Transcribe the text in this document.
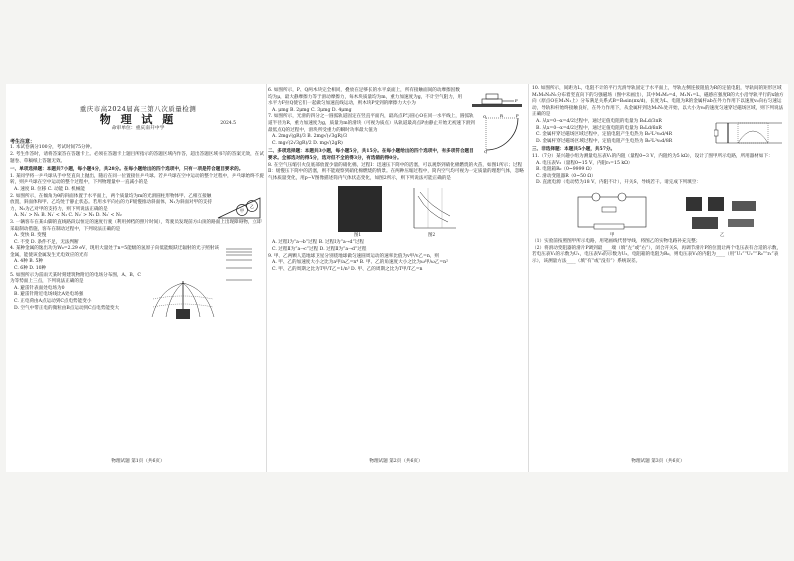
重庆市高2024届高三第八次质量检测
物 理 试 题	2024.5
命审单位：重庆南开中学
考生注意：

1. 本试卷满分100分，考试时间75分钟。

2. 考生作答时，请将答案答在答题卡上。必须在答题卡上题目所指示的答题区域内作答，超出答题区域书写的答案无效，在试题卷、草稿纸上答题无效。

一、单项选择题：本题共7小题，每小题4分，共28分。在每小题给出的四个选项中，只有一项是符合题目要求的。

1. 某同学将一乒乓球从手中竖直向上抛出，随后在同一位置接住乒乓球。若乒乓球在空中运动的整个过程中，乒乓球始终不旋转，则乒乓球在空中运动的整个过程中，下列物理量中一直减小的是

A. 速度 B. 位移 C. 动能 D. 机械能

甲
乙

2. 如图所示，在倾角为θ的斜面体置于水平面上，两个质量均为m的光滑圆柱形物体甲、乙相互接触放置，斜面体和甲、乙均处于静止状态。若用水平向右的力F缓慢推动斜面体，N₁为斜面对甲的支持力，N₂为乙对甲的支持力，则下列说法正确的是

A. N₁′ > N₁ B. N₁′ < N₁ C. N₂′ > N₂ D. N₂′ < N₂

3. 一辆客车在某山脚的直线路段以恒定的速度行驶（利用掉档的照片时间），驾驶员发现前方山顶的路面上出现障碍物，立即采取制动措施，客车在制动过程中，下列说法正确的是

A. 变快 B. 变慢

C. 不变 D. 条件不足，无法判断

4. 某种金属的逸出功为W₀=2.29 eV，现用大量处于n=5能级的氢原子向低能级跃迁辐射的光子照射该金属，能使该金属发生光电效应的光有

A. 4种 B. 5种

C. 6种 D. 10种

5. 如图所示为雷雨天某时刻建筑物附近的电场分布图，A、B、C为等势面上三点，下列说法正确的是

A. 避雷针表面处电场为0

B. 避雷针附近电场线比A处电场强

C. 正电荷由A点运动到C点电势能变小

D. 空气中带正电的微粒由B点运动到C点电势能变大

物理试题 第1页（共6页）
F

6. 如图所示，P、Q两木块完全相同，叠放在足够长的水平桌面上，所有接触面间的动摩擦因数均为μ，最大静摩擦力等于滑动摩擦力，每木块质量均为m，重力加速度为g，不计空气阻力，用水平力F拉Q使它们一起做匀加速直线运动，则木块P受到的摩擦力大小为

A. μmg B. 2μmg C. 3μmg D. 4μmg

O	P
Q
R

7. 如图所示，光滑的四分之一圆弧轨道固定在竖直平面内，最高点P与圆心O在同一水平线上，圆弧轨道半径为R，重力加速度为g，质量为m的滑块（可视为质点）从轨道最高点P由静止开始无初速下滑到最低点Q的过程中，滑块所受重力的瞬时功率最大值为

A. 2mg√(gR)/3 B. 2mg√(√3gR)/3

C. mg√(2√3gR)/2 D. mg√(2gR)

二、多项选择题：本题共3小题，每小题5分，共15分。在每小题给出的四个选项中，有多项符合题目要求。全部选对的得5分，选对但不全的得3分，有选错的得0分。

8. 在空气压缩引火仪底部放置少量的硝化棉，过程Ⅰ：迅速压下筒中的活塞，可以观察到硝化棉燃烧的火苗，如图1所示；过程Ⅱ：缓慢压下筒中的活塞，则不能观察到硝化棉燃烧的情景。在两种压缩过程中，筒内空气均可视为一定质量的理想气体，忽略气体质量变化，用p−V图像描述筒内气体状态变化，如图2所示，则下列说法可能正确的是

图1	图2

A. 过程Ⅰ为“a→b”过程 B. 过程Ⅰ为“a→d”过程

C. 过程Ⅱ为“a→c”过程 D. 过程Ⅱ为“a→d”过程

9. 甲、乙两颗人造地球卫星分别绕地球做匀速圆周运动的速率比值为v甲/v乙=n，则

A. 甲、乙的加速度大小之比为a甲/a乙=n⁴ B. 甲、乙的角速度大小之比为ω甲/ω乙=n²

C. 甲、乙的周期之比为T甲/T乙=1/n³ D. 甲、乙的周期之比为T甲/T乙=n

物理试题 第2页（共6页）

10. 如图所示，间距为L，电阻不计的平行光滑导轨固定于水平面上，导轨左侧连接阻值为R的定值电阻，导轨间的矩形区域M₁M₂N₂N₁分布着竖直向下的匀强磁场（图中未画出），其中M₁M₂=d，M₁N₁=L，磁感应强度B的大小沿导轨平行的x轴方向（原点O在M₁N₁上）分布满足关系式B=B₀sin(πx/d)，长度为L、电阻为R的金属杆ab在外力作用下以速度v₀向右匀速运动，导轨和杆始终接触良好，在外力作用下，从金属杆到达M₁N₁处开始，以大小为v₀的速度匀速穿过磁场区域，则下列说法正确的是

A. 从x=0→x=d/2过程中，通过定值电阻的电量为 B₀Ld/3πR

B. 从x=0→x=d/2过程中，通过定值电阻的电量为 B₀Ld/6πR

C. 金属杆穿过磁场区域过程中，定值电阻产生电热为 B₀²L²v₀d/4R

D. 金属杆穿过磁场区域过程中，定值电阻产生电热为 B₀²L²v₀d/8R

三、非选择题：本题共5小题，共57分。

11.（7分）某兴趣小组为测量电压表V₁的内阻（量程0~3 V，内阻约为5 kΩ），设计了图甲所示电路，所用器材如下：

A. 电压表V₂（量程0~15 V，内阻r₂=15 kΩ）

B. 电阻箱R₀（0~9999 Ω）

C. 滑动变阻器R（0~50 Ω）

D. 直流电源（电动势为18 V，内阻不计），开关S，导线若干。请完成下列填空：

甲	乙

（1）实验前按照图甲所示电路，用笔画线代替导线，将图乙的实物电路补充完整；

（2）将滑动变阻器的滑片P调到最____端（填“左”或“右”），闭合开关S，再调节滑片P的位置让两个电压表有合适的示数，若电压表V₁的示数为U₁，电压表V₂的示数为U₂，电阻箱的电阻为R₀，则电压表V₁的内阻为____（用“U₁”“U₂”“R₀”“r₂”表示），该测量方法____（填“有”或“没有”）系统误差。

物理试题 第3页（共6页）
